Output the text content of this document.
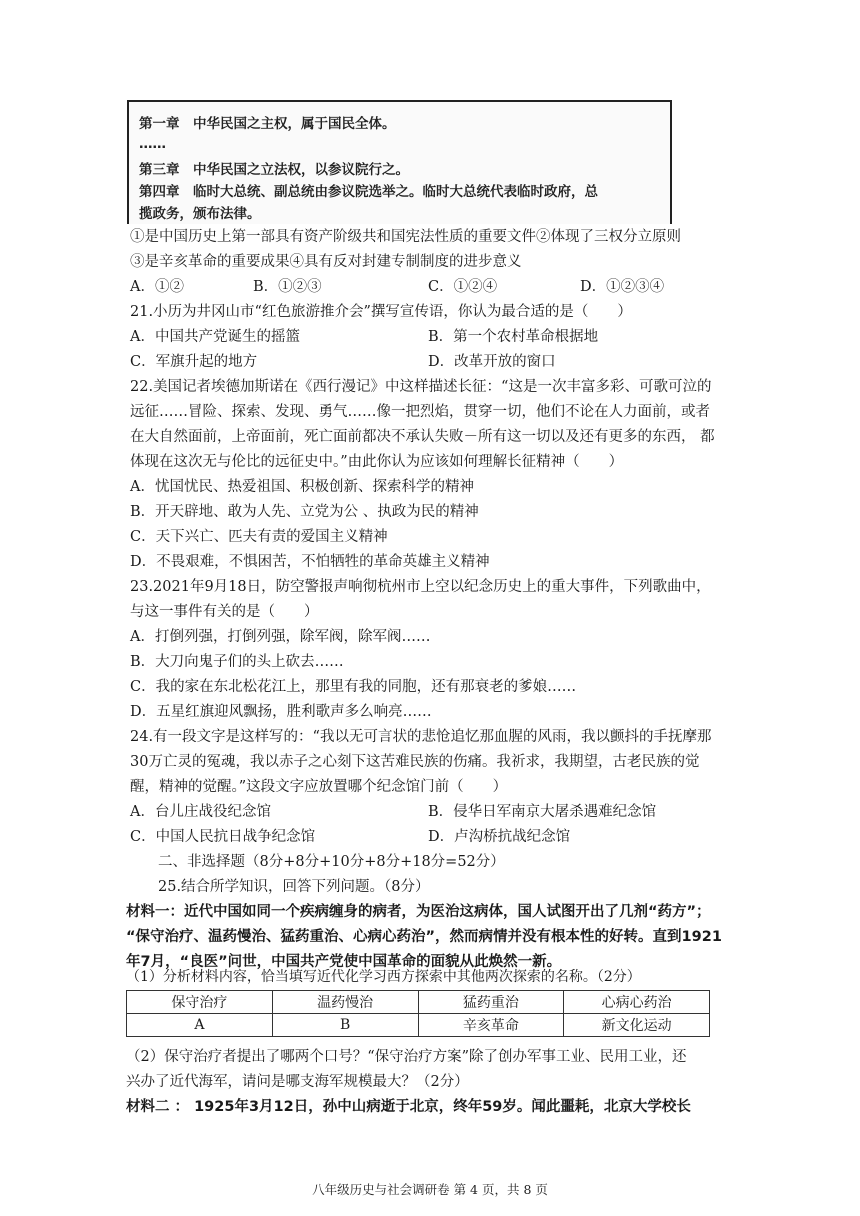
第一章　中华民国之主权，属于国民全体。
……
第三章　中华民国之立法权，以参议院行之。
第四章　临时大总统、副总统由参议院选举之。临时大总统代表临时政府，总
揽政务，颁布法律。
①是中国历史上第一部具有资产阶级共和国宪法性质的重要文件②体现了三权分立原则
③是辛亥革命的重要成果④具有反对封建专制制度的进步意义
A．①②	B．①②③	C．①②④	D．①②③④
21.小历为井冈山市“红色旅游推介会”撰写宣传语，你认为最合适的是（　　）
A．中国共产党诞生的摇篮	B．第一个农村革命根据地
C．军旗升起的地方	D．改革开放的窗口
22.美国记者埃德加斯诺在《西行漫记》中这样描述长征：“这是一次丰富多彩、可歌可泣的
远征……冒险、探索、发现、勇气……像一把烈焰，贯穿一切，他们不论在人力面前，或者
在大自然面前，上帝面前，死亡面前都决不承认失败－所有这一切以及还有更多的东西， 都
体现在这次无与伦比的远征史中。”由此你认为应该如何理解长征精神（　　）
A．忧国忧民、热爱祖国、积极创新、探索科学的精神
B．开天辟地、敢为人先、立党为公 、执政为民的精神
C．天下兴亡、匹夫有责的爱国主义精神
D．不畏艰难，不惧困苦，不怕牺牲的革命英雄主义精神
23.2021年9月18日，防空警报声响彻杭州市上空以纪念历史上的重大事件，下列歌曲中，
与这一事件有关的是（　　）
A．打倒列强，打倒列强，除军阀，除军阀……
B．大刀向鬼子们的头上砍去……
C．我的家在东北松花江上，那里有我的同胞，还有那衰老的爹娘……
D．五星红旗迎风飘扬，胜利歌声多么响亮……
24.有一段文字是这样写的：“我以无可言状的悲怆追忆那血腥的风雨，我以颤抖的手抚摩那
30万亡灵的冤魂，我以赤子之心刻下这苦难民族的伤痛。我祈求，我期望，古老民族的觉
醒，精神的觉醒。”这段文字应放置哪个纪念馆门前（　　）
A．台儿庄战役纪念馆	B．侵华日军南京大屠杀遇难纪念馆
C．中国人民抗日战争纪念馆	D．卢沟桥抗战纪念馆
二、非选择题（8分+8分+10分+8分+18分=52分）
25.结合所学知识，回答下列问题。（8分）
材料一：近代中国如同一个疾病缠身的病者，为医治这病体，国人试图开出了几剂“药方”；
“保守治疗、温药慢治、猛药重治、心病心药治”，然而病情并没有根本性的好转。直到1921
年7月，“良医”问世，中国共产党使中国革命的面貌从此焕然一新。
（1）分析材料内容，恰当填写近代化学习西方探索中其他两次探索的名称。（2分）
保守治疗	温药慢治	猛药重治	心病心药治
A	B	辛亥革命	新文化运动
（2）保守治疗者提出了哪两个口号？“保守治疗方案”除了创办军事工业、民用工业，还
兴办了近代海军，请问是哪支海军规模最大？（2分）
材料二 ： 1925年3月12日，孙中山病逝于北京，终年59岁。闻此噩耗，北京大学校长
八年级历史与社会调研卷 第 4 页，共 8 页
